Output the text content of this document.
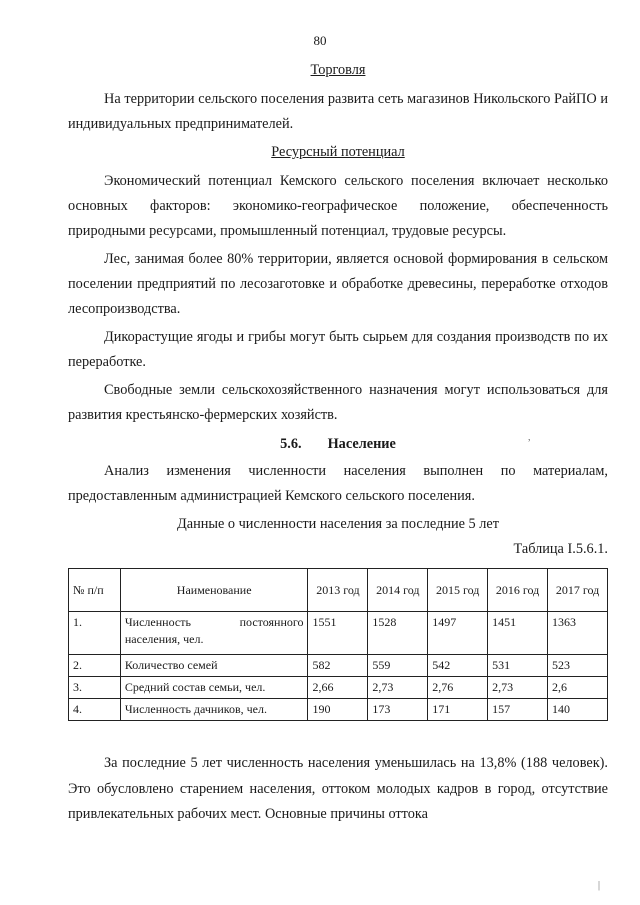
80
Торговля

На территории сельского поселения развита сеть магазинов Никольского РайПО и индивидуальных предпринимателей.

Ресурсный потенциал

Экономический потенциал Кемского сельского поселения включает несколько основных факторов: экономико-географическое положение, обеспеченность природными ресурсами, промышленный потенциал, трудовые ресурсы.

Лес, занимая более 80% территории, является основой формирования в сельском поселении предприятий по лесозаготовке и обработке древесины, переработке отходов лесопроизводства.

Дикорастущие ягоды и грибы могут быть сырьем для создания производств по их переработке.

Свободные земли сельскохозяйственного назначения могут использоваться для развития крестьянско-фермерских хозяйств.

5.6. Население

Анализ изменения численности населения выполнен по материалам, предоставленным администрацией Кемского сельского поселения.

Данные о численности населения за последние 5 лет
Таблица I.5.6.1.
№ п/п	Наименование	2013 год	2014 год	2015 год	2016 год	2017 год
1.	Численность постоянного населения, чел.	1551	1528	1497	1451	1363
2.	Количество семей	582	559	542	531	523
3.	Средний состав семьи, чел.	2,66	2,73	2,76	2,73	2,6
4.	Численность дачников, чел.	190	173	171	157	140

За последние 5 лет численность населения уменьшилась на 13,8% (188 человек). Это обусловлено старением населения, оттоком молодых кадров в город, отсутствие привлекательных рабочих мест. Основные причины оттока

,
|
